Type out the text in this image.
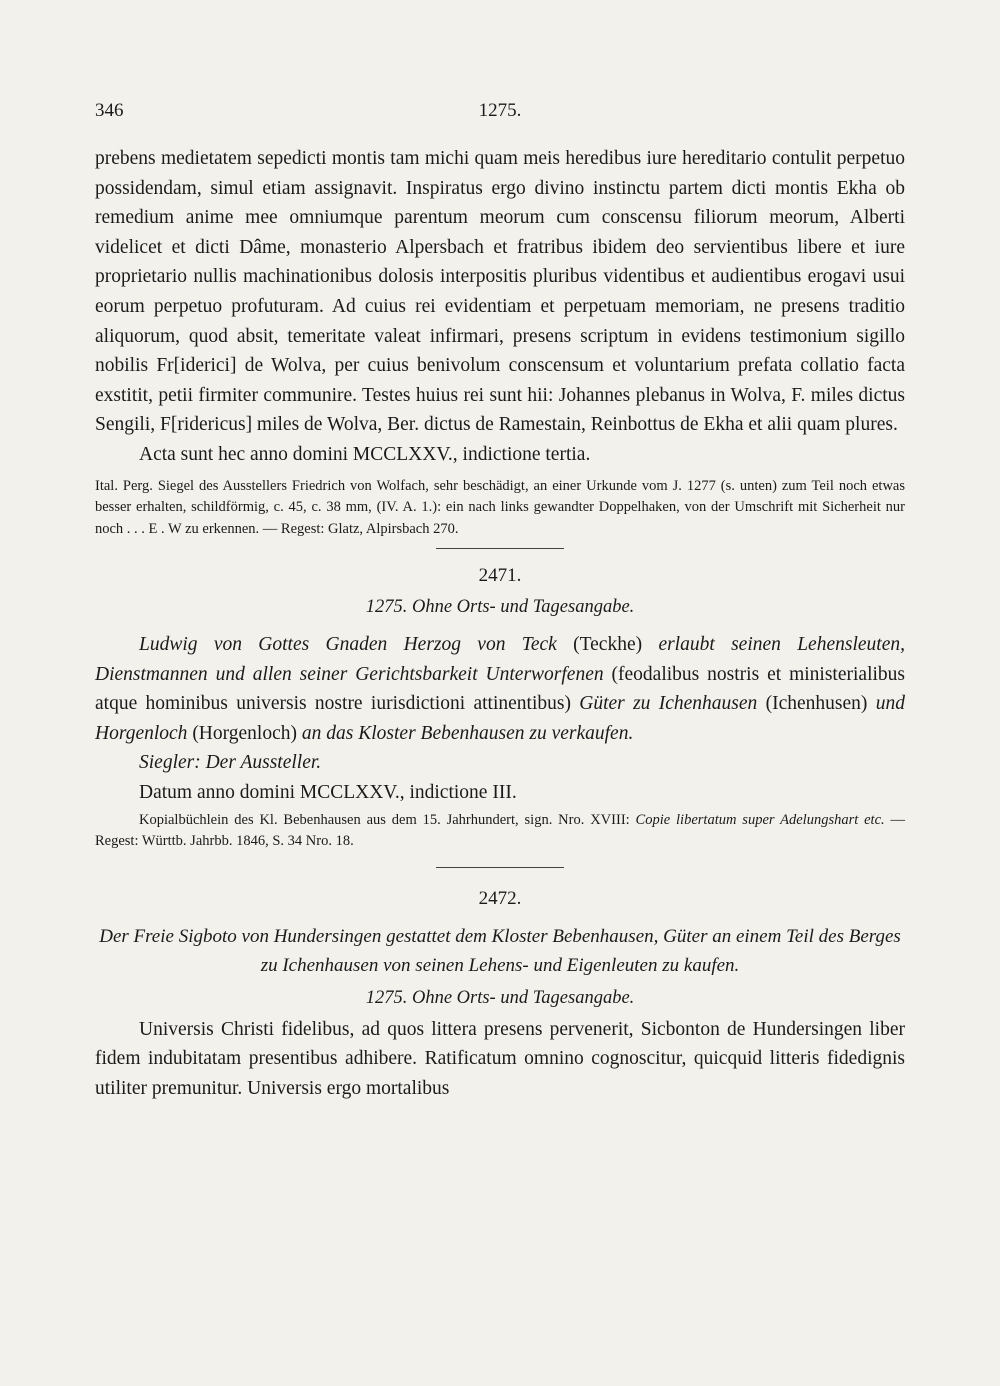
346	1275.

prebens medietatem sepedicti montis tam michi quam meis heredibus iure hereditario contulit perpetuo possidendam, simul etiam assignavit. Inspiratus ergo divino instinctu partem dicti montis Ekha ob remedium anime mee omniumque parentum meorum cum conscensu filiorum meorum, Alberti videlicet et dicti Dâme, monasterio Alpersbach et fratribus ibidem deo servientibus libere et iure proprietario nullis machinationibus dolosis interpositis pluribus videntibus et audientibus erogavi usui eorum perpetuo profuturam. Ad cuius rei evidentiam et perpetuam memoriam, ne presens traditio aliquorum, quod absit, temeritate valeat infirmari, presens scriptum in evidens testimonium sigillo nobilis Fr[iderici] de Wolva, per cuius benivolum conscensum et voluntarium prefata collatio facta exstitit, petii firmiter communire. Testes huius rei sunt hii: Johannes plebanus in Wolva, F. miles dictus Sengili, F[ridericus] miles de Wolva, Ber. dictus de Ramestain, Reinbottus de Ekha et alii quam plures.

Acta sunt hec anno domini MCCLXXV., indictione tertia.

Ital. Perg. Siegel des Ausstellers Friedrich von Wolfach, sehr beschädigt, an einer Urkunde vom J. 1277 (s. unten) zum Teil noch etwas besser erhalten, schildförmig, c. 45, c. 38 mm, (IV. A. 1.): ein nach links gewandter Doppelhaken, von der Umschrift mit Sicherheit nur noch . . . E . W zu erkennen. — Regest: Glatz, Alpirsbach 270.

2471.
1275. Ohne Orts- und Tagesangabe.

Ludwig von Gottes Gnaden Herzog von Teck (Teckhe) erlaubt seinen Lehensleuten, Dienstmannen und allen seiner Gerichtsbarkeit Unterworfenen (feodalibus nostris et ministerialibus atque hominibus universis nostre iurisdictioni attinentibus) Güter zu Ichenhausen (Ichenhusen) und Horgenloch (Horgenloch) an das Kloster Bebenhausen zu verkaufen.

Siegler: Der Aussteller.

Datum anno domini MCCLXXV., indictione III.

Kopialbüchlein des Kl. Bebenhausen aus dem 15. Jahrhundert, sign. Nro. XVIII: Copie libertatum super Adelungshart etc. — Regest: Württb. Jahrbb. 1846, S. 34 Nro. 18.

2472.

Der Freie Sigboto von Hundersingen gestattet dem Kloster Bebenhausen, Güter an einem Teil des Berges zu Ichenhausen von seinen Lehens- und Eigenleuten zu kaufen.

1275. Ohne Orts- und Tagesangabe.

Universis Christi fidelibus, ad quos littera presens pervenerit, Sicbonton de Hundersingen liber fidem indubitatam presentibus adhibere. Ratificatum omnino cognoscitur, quicquid litteris fidedignis utiliter premunitur. Universis ergo mortalibus
